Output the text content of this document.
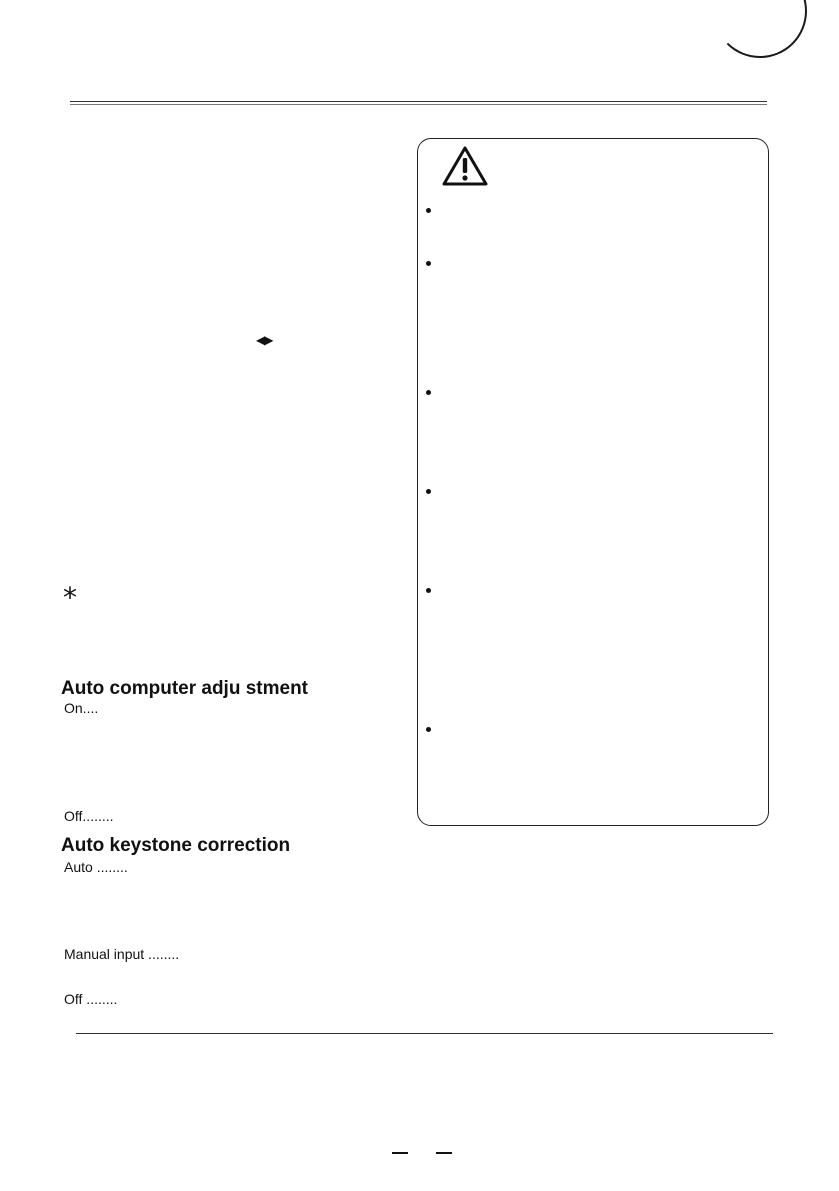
◀▶
*
Auto computer adju stment
On....
Off........
Auto keystone correction
Auto ........
Manual input ........
Off ........
